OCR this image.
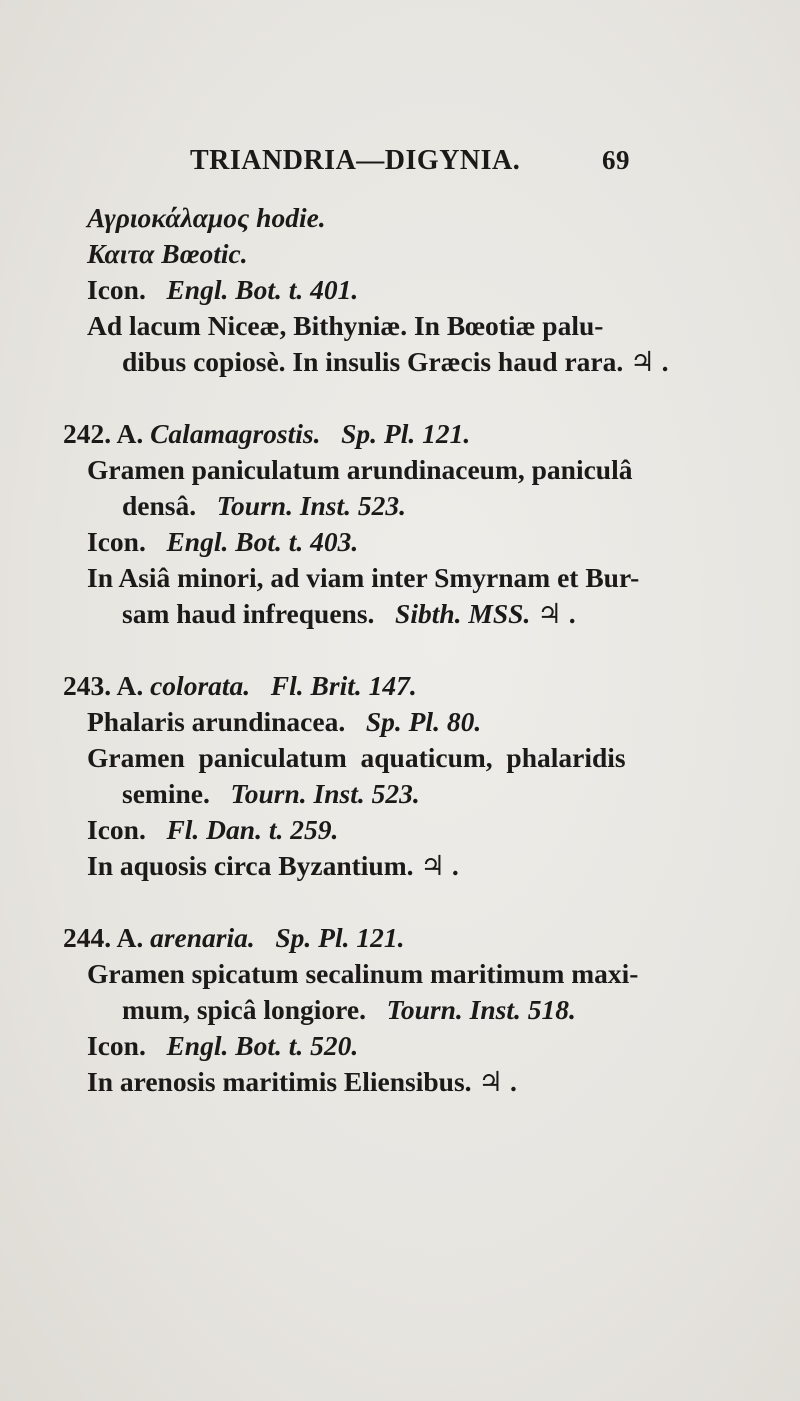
TRIANDRIA—DIGYNIA.	69
Αγριοκάλαμος hodie.
Καιτα Bœotic.
Icon. Engl. Bot. t. 401.
Ad lacum Niceæ, Bithyniæ. In Bœotiæ palu-
dibus copiosè. In insulis Græcis haud rara. ♃ .
242. A. Calamagrostis. Sp. Pl. 121.
Gramen paniculatum arundinaceum, paniculâ
densâ. Tourn. Inst. 523.
Icon. Engl. Bot. t. 403.
In Asiâ minori, ad viam inter Smyrnam et Bur-
sam haud infrequens. Sibth. MSS. ♃ .
243. A. colorata. Fl. Brit. 147.
Phalaris arundinacea. Sp. Pl. 80.
Gramen  paniculatum  aquaticum,  phalaridis
semine. Tourn. Inst. 523.
Icon. Fl. Dan. t. 259.
In aquosis circa Byzantium. ♃ .
244. A. arenaria. Sp. Pl. 121.
Gramen spicatum secalinum maritimum maxi-
mum, spicâ longiore. Tourn. Inst. 518.
Icon. Engl. Bot. t. 520.
In arenosis maritimis Eliensibus. ♃ .
